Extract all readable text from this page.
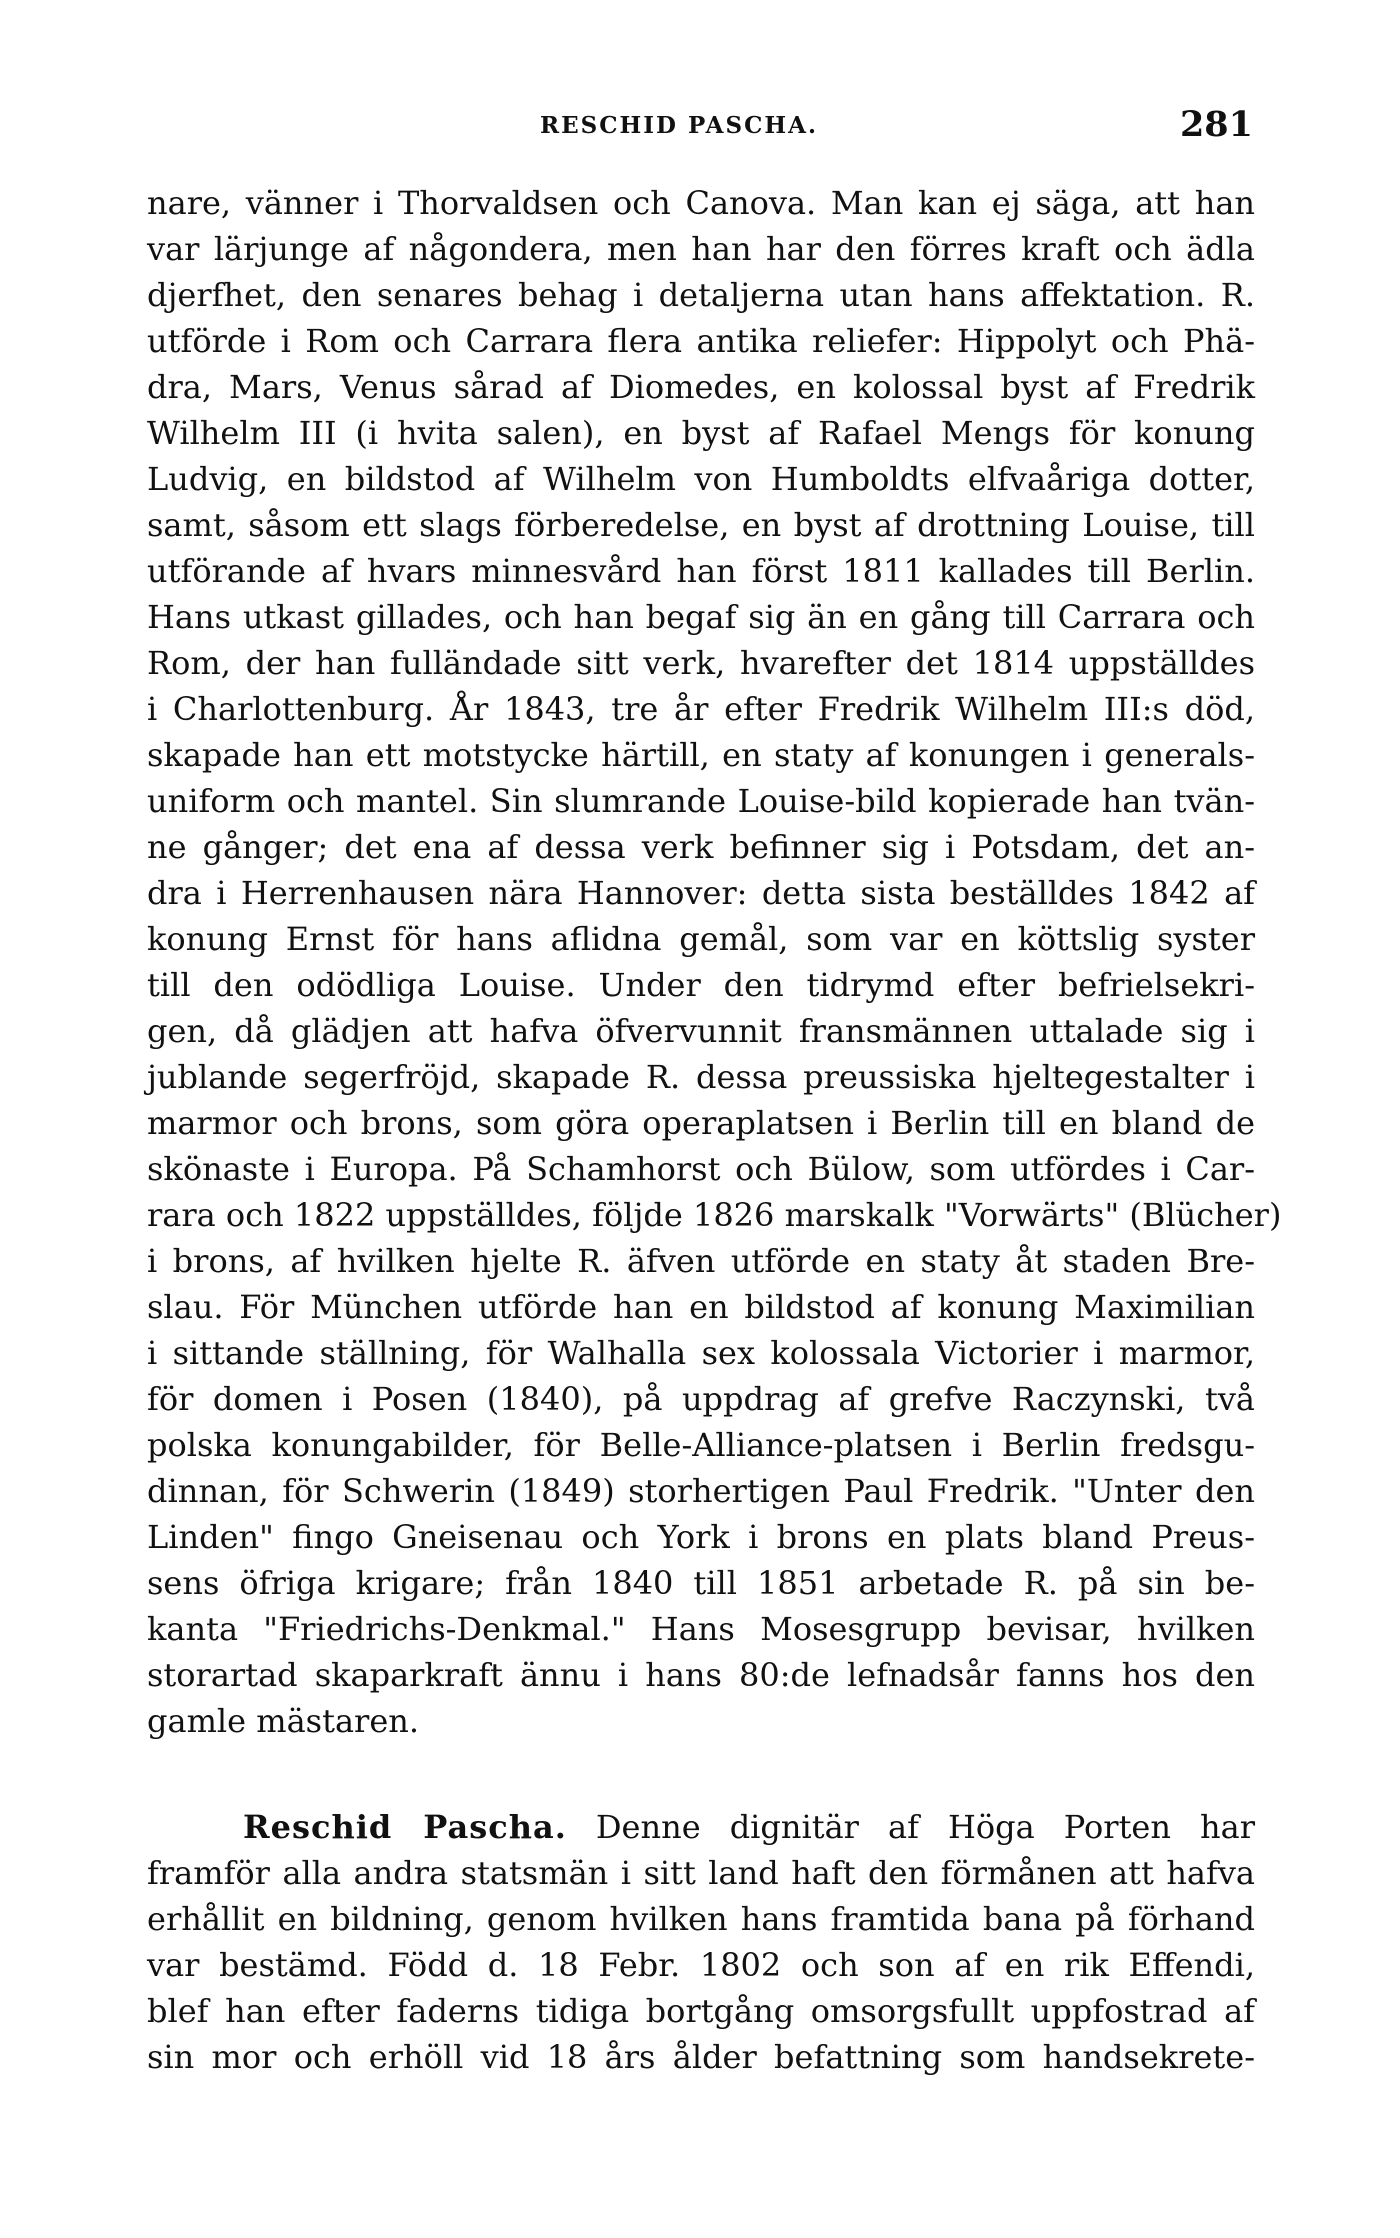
RESCHID PASCHA.	281
nare, vänner i Thorvaldsen och Canova. Man kan ej säga, att han
var lärjunge af någondera, men han har den förres kraft och ädla
djerfhet, den senares behag i detaljerna utan hans affektation. R.
utförde i Rom och Carrara flera antika reliefer: Hippolyt och Phä-
dra, Mars, Venus sårad af Diomedes, en kolossal byst af Fredrik
Wilhelm III (i hvita salen), en byst af Rafael Mengs för konung
Ludvig, en bildstod af Wilhelm von Humboldts elfvaåriga dotter,
samt, såsom ett slags förberedelse, en byst af drottning Louise, till
utförande af hvars minnesvård han först 1811 kallades till Berlin.
Hans utkast gillades, och han begaf sig än en gång till Carrara och
Rom, der han fulländade sitt verk, hvarefter det 1814 uppställdes
i Charlottenburg. År 1843, tre år efter Fredrik Wilhelm III:s död,
skapade han ett motstycke härtill, en staty af konungen i generals-
uniform och mantel. Sin slumrande Louise-bild kopierade han tvän-
ne gånger; det ena af dessa verk befinner sig i Potsdam, det an-
dra i Herrenhausen nära Hannover: detta sista beställdes 1842 af
konung Ernst för hans aflidna gemål, som var en köttslig syster
till den odödliga Louise. Under den tidrymd efter befrielsekri-
gen, då glädjen att hafva öfvervunnit fransmännen uttalade sig i
jublande segerfröjd, skapade R. dessa preussiska hjeltegestalter i
marmor och brons, som göra operaplatsen i Berlin till en bland de
skönaste i Europa. På Schamhorst och Bülow, som utfördes i Car-
rara och 1822 uppställdes, följde 1826 marskalk "Vorwärts" (Blücher)
i brons, af hvilken hjelte R. äfven utförde en staty åt staden Bre-
slau. För München utförde han en bildstod af konung Maximilian
i sittande ställning, för Walhalla sex kolossala Victorier i marmor,
för domen i Posen (1840), på uppdrag af grefve Raczynski, två
polska konungabilder, för Belle-Alliance-platsen i Berlin fredsgu-
dinnan, för Schwerin (1849) storhertigen Paul Fredrik. "Unter den
Linden" fingo Gneisenau och York i brons en plats bland Preus-
sens öfriga krigare; från 1840 till 1851 arbetade R. på sin be-
kanta "Friedrichs-Denkmal." Hans Mosesgrupp bevisar, hvilken
storartad skaparkraft ännu i hans 80:de lefnadsår fanns hos den
gamle mästaren.
Reschid Pascha. Denne dignitär af Höga Porten har
framför alla andra statsmän i sitt land haft den förmånen att hafva
erhållit en bildning, genom hvilken hans framtida bana på förhand
var bestämd. Född d. 18 Febr. 1802 och son af en rik Effendi,
blef han efter faderns tidiga bortgång omsorgsfullt uppfostrad af
sin mor och erhöll vid 18 års ålder befattning som handsekrete-
